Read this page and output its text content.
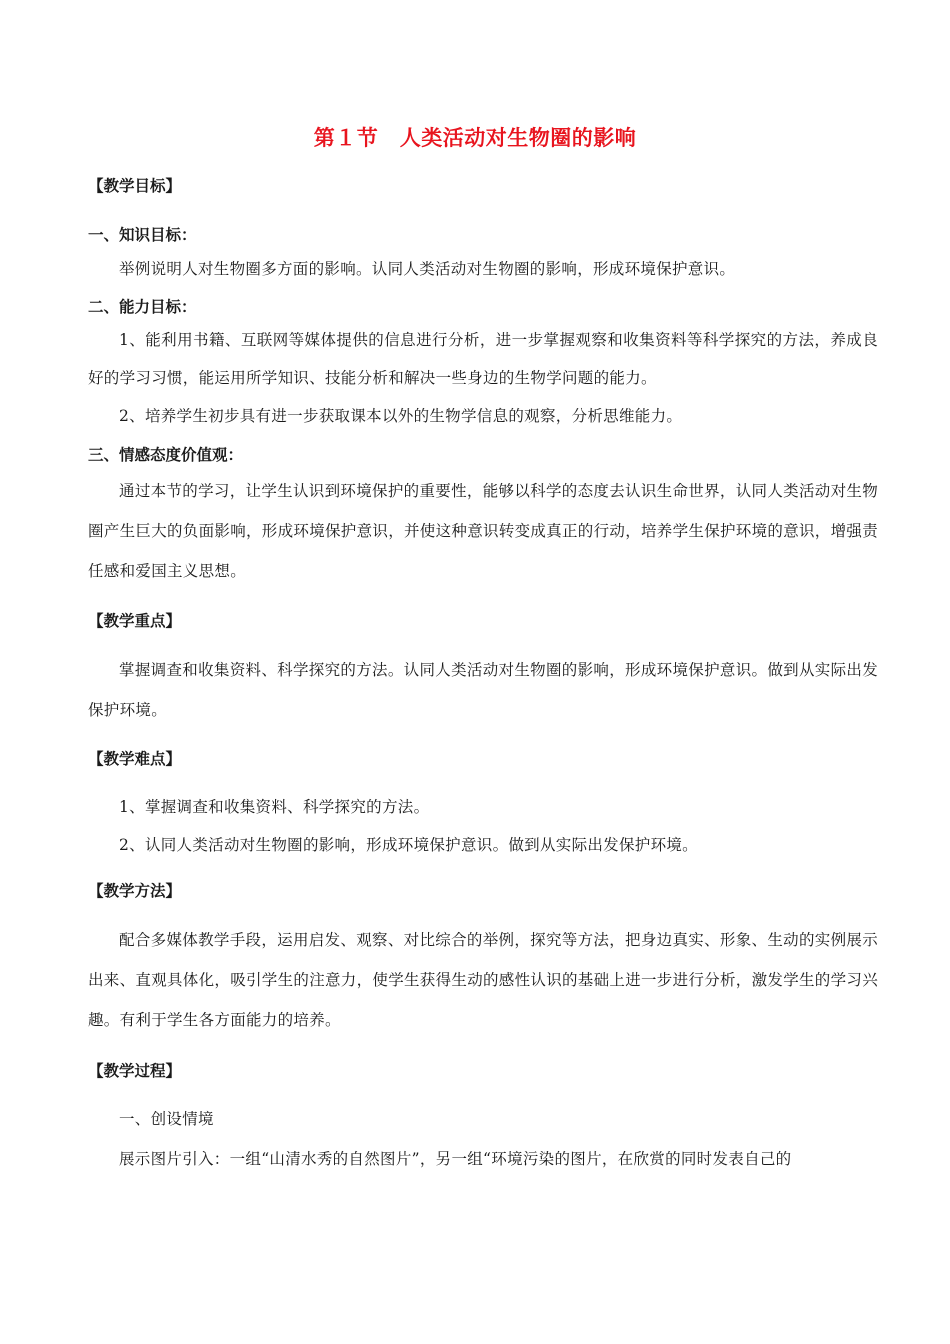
第１节　人类活动对生物圈的影响

【教学目标】

一、知识目标：

举例说明人对生物圈多方面的影响。认同人类活动对生物圈的影响，形成环境保护意识。

二、能力目标：

1、能利用书籍、互联网等媒体提供的信息进行分析，进一步掌握观察和收集资料等科学探究的方法，养成良好的学习习惯，能运用所学知识、技能分析和解决一些身边的生物学问题的能力。

2、培养学生初步具有进一步获取课本以外的生物学信息的观察，分析思维能力。

三、情感态度价值观：

通过本节的学习，让学生认识到环境保护的重要性，能够以科学的态度去认识生命世界，认同人类活动对生物圈产生巨大的负面影响，形成环境保护意识，并使这种意识转变成真正的行动，培养学生保护环境的意识，增强责任感和爱国主义思想。

【教学重点】

掌握调查和收集资料、科学探究的方法。认同人类活动对生物圈的影响，形成环境保护意识。做到从实际出发保护环境。

【教学难点】

1、掌握调查和收集资料、科学探究的方法。

2、认同人类活动对生物圈的影响，形成环境保护意识。做到从实际出发保护环境。

【教学方法】

配合多媒体教学手段，运用启发、观察、对比综合的举例，探究等方法，把身边真实、形象、生动的实例展示出来、直观具体化，吸引学生的注意力，使学生获得生动的感性认识的基础上进一步进行分析，激发学生的学习兴趣。有利于学生各方面能力的培养。

【教学过程】

一、创设情境

展示图片引入：一组“山清水秀的自然图片”，另一组“环境污染的图片，在欣赏的同时发表自己的
